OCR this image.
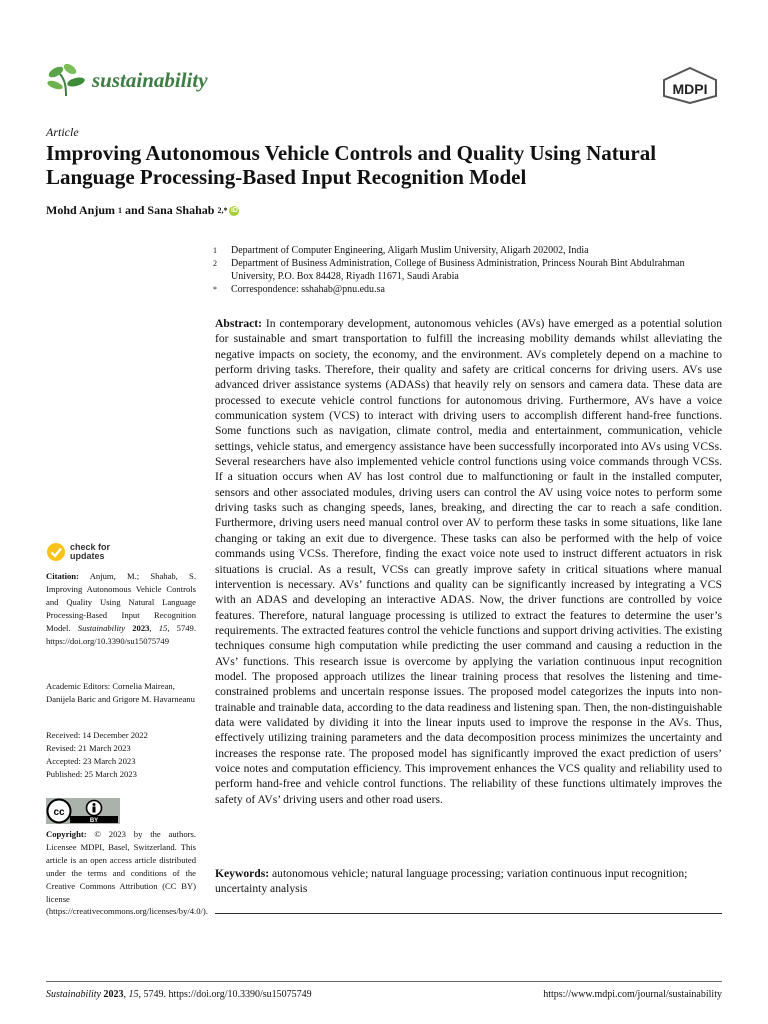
sustainability	MDPI
Article
Improving Autonomous Vehicle Controls and Quality Using Natural Language Processing-Based Input Recognition Model
Mohd Anjum
1
and
Sana Shahab
2,* iD
1	Department of Computer Engineering, Aligarh Muslim University, Aligarh 202002, India
2	Department of Business Administration, College of Business Administration, Princess Nourah Bint Abdulrahman University, P.O. Box 84428, Riyadh 11671, Saudi Arabia
*	Correspondence: sshahab@pnu.edu.sa
Abstract: In contemporary development, autonomous vehicles (AVs) have emerged as a potential solution for sustainable and smart transportation to fulfill the increasing mobility demands whilst alleviating the negative impacts on society, the economy, and the environment. AVs completely depend on a machine to perform driving tasks. Therefore, their quality and safety are critical concerns for driving users. AVs use advanced driver assistance systems (ADASs) that heavily rely on sensors and camera data. These data are processed to execute vehicle control functions for autonomous driving. Furthermore, AVs have a voice communication system (VCS) to interact with driving users to accomplish different hand-free functions. Some functions such as navigation, climate control, media and entertainment, communication, vehicle settings, vehicle status, and emergency assistance have been successfully incorporated into AVs using VCSs. Several researchers have also implemented vehicle control functions using voice commands through VCSs. If a situation occurs when AV has lost control due to malfunctioning or fault in the installed computer, sensors and other associated modules, driving users can control the AV using voice notes to perform some driving tasks such as changing speeds, lanes, breaking, and directing the car to reach a safe condition. Furthermore, driving users need manual control over AV to perform these tasks in some situations, like lane changing or taking an exit due to divergence. These tasks can also be performed with the help of voice commands using VCSs. Therefore, finding the exact voice note used to instruct different actuators in risk situations is crucial. As a result, VCSs can greatly improve safety in critical situations where manual intervention is necessary. AVs’ functions and quality can be significantly increased by integrating a VCS with an ADAS and developing an interactive ADAS. Now, the driver functions are controlled by voice features. Therefore, natural language processing is utilized to extract the features to determine the user’s requirements. The extracted features control the vehicle functions and support driving activities. The existing techniques consume high computation while predicting the user command and causing a reduction in the AVs’ functions. This research issue is overcome by applying the variation continuous input recognition model. The proposed approach utilizes the linear training process that resolves the listening and time-constrained problems and uncertain response issues. The proposed model categorizes the inputs into non-trainable and trainable data, according to the data readiness and listening span. Then, the non-distinguishable data were validated by dividing it into the linear inputs used to improve the response in the AVs. Thus, effectively utilizing training parameters and the data decomposition process minimizes the uncertainty and increases the response rate. The proposed model has significantly improved the exact prediction of users’ voice notes and computation efficiency. This improvement enhances the VCS quality and reliability used to perform hand-free and vehicle control functions. The reliability of these functions ultimately improves the safety of AVs’ driving users and other road users.
Keywords: autonomous vehicle; natural language processing; variation continuous input recognition; uncertainty analysis
check for
updates
Citation: Anjum, M.; Shahab, S. Improving Autonomous Vehicle Controls and Quality Using Natural Language Processing-Based Input Recognition Model. Sustainability 2023, 15, 5749. https://doi.org/10.3390/su15075749
Academic Editors: Cornelia Mairean, Danijela Baric and Grigore M. Havarneanu
Received: 14 December 2022
Revised: 21 March 2023
Accepted: 23 March 2023
Published: 25 March 2023
cc
BY
Copyright: © 2023 by the authors. Licensee MDPI, Basel, Switzerland. This article is an open access article distributed under the terms and conditions of the Creative Commons Attribution (CC BY) license (https://creativecommons.org/licenses/by/4.0/).
Sustainability 2023, 15, 5749. https://doi.org/10.3390/su15075749	https://www.mdpi.com/journal/sustainability
